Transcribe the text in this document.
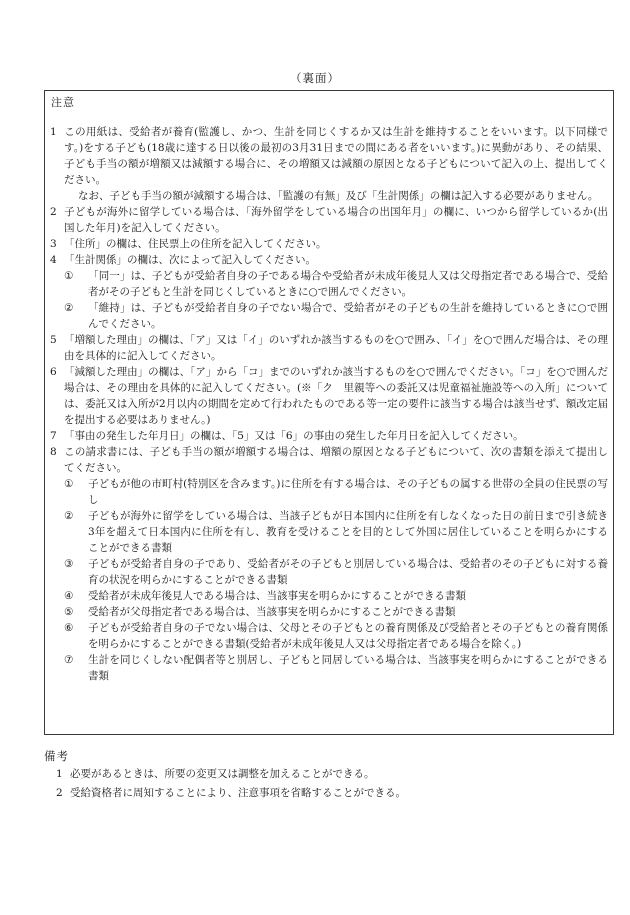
（裏面）
注意

1 この用紙は、受給者が養育(監護し、かつ、生計を同じくするか又は生計を維持することをいいます。以下同様です。)をする子ども(18歳に達する日以後の最初の3月31日までの間にある者をいいます。)に異動があり、その結果、子ども手当の額が増額又は減額する場合に、その増額又は減額の原因となる子どもについて記入の上、提出してください。

なお、子ども手当の額が減額する場合は、「監護の有無」及び「生計関係」の欄は記入する必要がありません。

2 子どもが海外に留学している場合は、「海外留学をしている場合の出国年月」の欄に、いつから留学しているか(出国した年月)を記入してください。

3 「住所」の欄は、住民票上の住所を記入してください。

4 「生計関係」の欄は、次によって記入してください。

① 「同一」は、子どもが受給者自身の子である場合や受給者が未成年後見人又は父母指定者である場合で、受給者がその子どもと生計を同じくしているときに○で囲んでください。

② 「維持」は、子どもが受給者自身の子でない場合で、受給者がその子どもの生計を維持しているときに○で囲んでください。

5 「増額した理由」の欄は、「ア」又は「イ」のいずれか該当するものを○で囲み、「イ」を○で囲んだ場合は、その理由を具体的に記入してください。

6 「減額した理由」の欄は、「ア」から「コ」までのいずれか該当するものを○で囲んでください。「コ」を○で囲んだ場合は、その理由を具体的に記入してください。(※「ク　里親等への委託又は児童福祉施設等への入所」については、委託又は入所が2月以内の期間を定めて行われたものである等一定の要件に該当する場合は該当せず、額改定届を提出する必要はありません。)

7 「事由の発生した年月日」の欄は、「5」又は「6」の事由の発生した年月日を記入してください。

8 この請求書には、子ども手当の額が増額する場合は、増額の原因となる子どもについて、次の書類を添えて提出してください。

① 子どもが他の市町村(特別区を含みます。)に住所を有する場合は、その子どもの属する世帯の全員の住民票の写し

② 子どもが海外に留学をしている場合は、当該子どもが日本国内に住所を有しなくなった日の前日まで引き続き3年を超えて日本国内に住所を有し、教育を受けることを目的として外国に居住していることを明らかにすることができる書類

③ 子どもが受給者自身の子であり、受給者がその子どもと別居している場合は、受給者のその子どもに対する養育の状況を明らかにすることができる書類

④ 受給者が未成年後見人である場合は、当該事実を明らかにすることができる書類

⑤ 受給者が父母指定者である場合は、当該事実を明らかにすることができる書類

⑥ 子どもが受給者自身の子でない場合は、父母とその子どもとの養育関係及び受給者とその子どもとの養育関係を明らかにすることができる書類(受給者が未成年後見人又は父母指定者である場合を除く。)

⑦ 生計を同じくしない配偶者等と別居し、子どもと同居している場合は、当該事実を明らかにすることができる書類

備考

1 必要があるときは、所要の変更又は調整を加えることができる。

2 受給資格者に周知することにより、注意事項を省略することができる。
